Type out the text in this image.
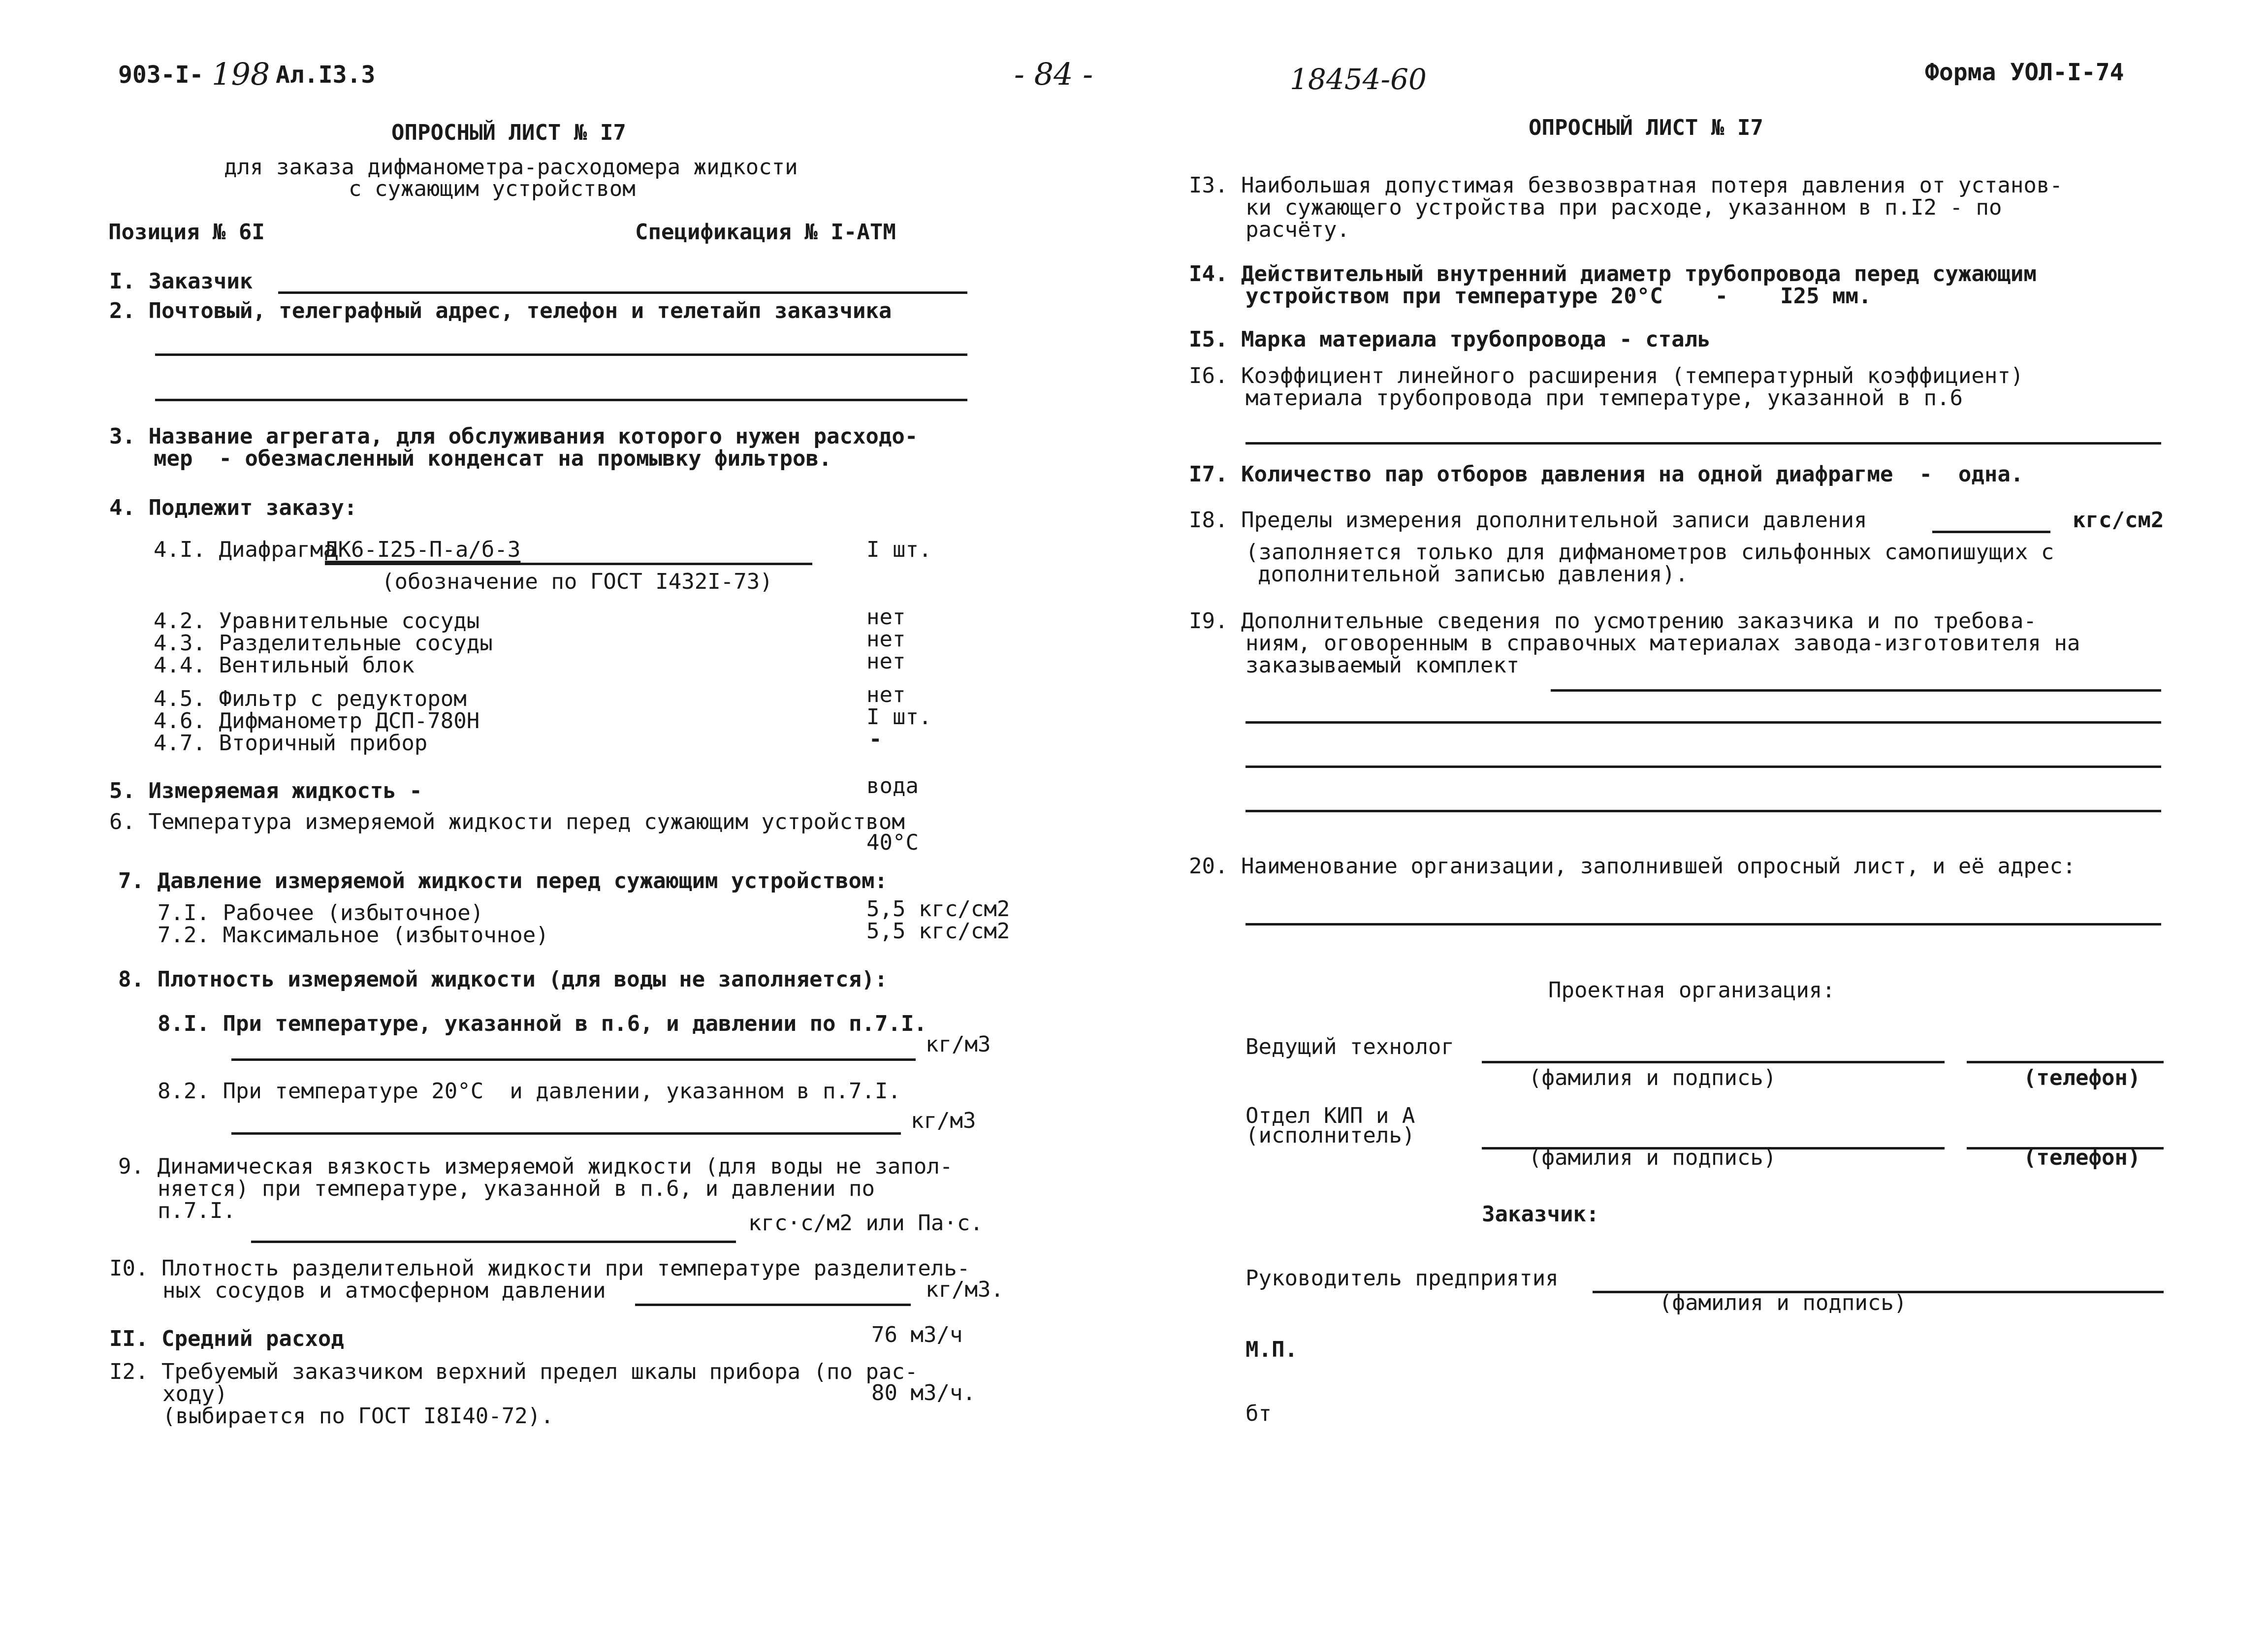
90З-I- 198 Ал.I3.3	- 84 -	18454-60	Форма УОЛ-I-74
ОПРОСНЫЙ ЛИСТ № I7
для заказа дифманометра-расходомера жидкости
с сужающим устройством
Позиция № 6I	Спецификация № I-АТМ
I. Заказчик
2. Почтовый, телеграфный адрес, телефон и телетайп заказчика
3. Название агрегата, для обслуживания которого нужен расходо-
мер  - обезмасленный конденсат на промывку фильтров.
4. Подлежит заказу:
4.I. Диафрагма
ДК6-I25-П-а/б-3	I шт.
(обозначение по ГОСТ I432I-73)
4.2. Уравнительные сосуды	нет
4.3. Разделительные сосуды	нет
4.4. Вентильный блок	нет
4.5. Фильтр с редуктором	нет
4.6. Дифманометр ДСП-780Н	I шт.
4.7. Вторичный прибор	-
5. Измеряемая жидкость -	вода
6. Температура измеряемой жидкости перед сужающим устройством
40°C
7. Давление измеряемой жидкости перед сужающим устройством:
7.I. Рабочее (избыточное)	5,5 кгс/см2
7.2. Максимальное (избыточное)	5,5 кгс/см2
8. Плотность измеряемой жидкости (для воды не заполняется):
8.I. При температуре, указанной в п.6, и давлении по п.7.I.
кг/м3
8.2. При температуре 20°C  и давлении, указанном в п.7.I.
кг/м3
9. Динамическая вязкость измеряемой жидкости (для воды не запол-
няется) при температуре, указанной в п.6, и давлении по
п.7.I.	кгс·с/м2 или Па·с.
I0. Плотность разделительной жидкости при температуре разделитель-
ных сосудов и атмосферном давлении	кг/м3.
II. Средний расход	76 м3/ч
I2. Требуемый заказчиком верхний предел шкалы прибора (по рас-
ходу)	80 м3/ч.
(выбирается по ГОСТ I8I40-72).
ОПРОСНЫЙ ЛИСТ № I7
I3. Наибольшая допустимая безвозвратная потеря давления от установ-
ки сужающего устройства при расходе, указанном в п.I2 - по
расчёту.
I4. Действительный внутренний диаметр трубопровода перед сужающим
устройством при температуре 20°C    -    I25 мм.
I5. Марка материала трубопровода - сталь
I6. Коэффициент линейного расширения (температурный коэффициент)
материала трубопровода при температуре, указанной в п.6
I7. Количество пар отборов давления на одной диафрагме  -  одна.
I8. Пределы измерения дополнительной записи давления	кгс/см2
(заполняется только для дифманометров сильфонных самопишущих с
дополнительной записью давления).
I9. Дополнительные сведения по усмотрению заказчика и по требова-
ниям, оговоренным в справочных материалах завода-изготовителя на
заказываемый комплект
20. Наименование организации, заполнившей опросный лист, и её адрес:
Проектная организация:
Ведущий технолог
(фамилия и подпись)	(телефон)
Отдел КИП и А
(исполнитель)
(фамилия и подпись)	(телефон)
Заказчик:
Руководитель предприятия
(фамилия и подпись)
М.П.
бт
